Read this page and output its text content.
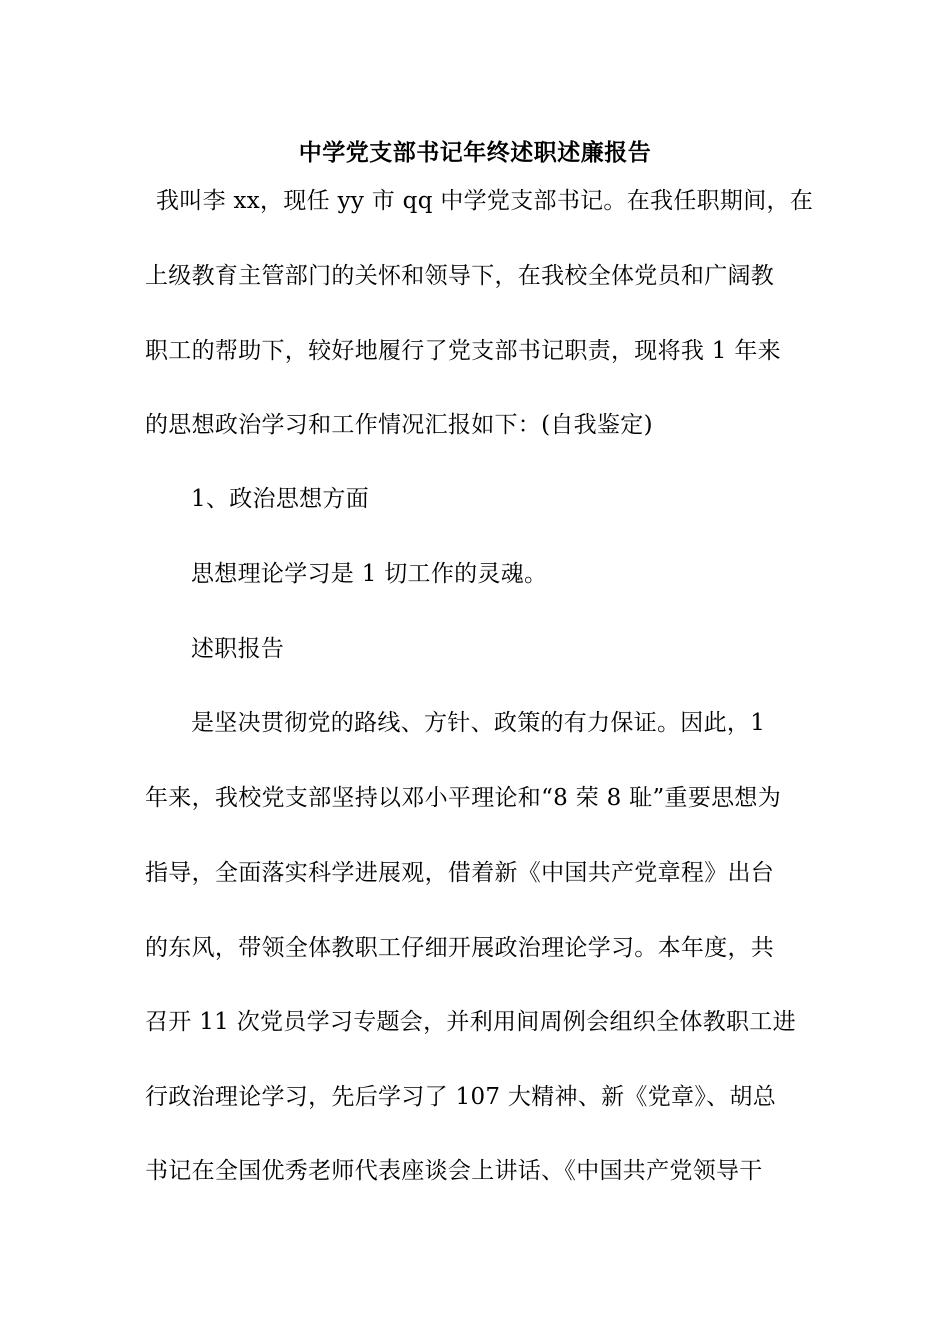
中学党支部书记年终述职述廉报告
我叫李 xx，现任 yy 市 qq 中学党支部书记。在我任职期间，在
上级教育主管部门的关怀和领导下，在我校全体党员和广阔教
职工的帮助下，较好地履行了党支部书记职责，现将我 1 年来
的思想政治学习和工作情况汇报如下：(自我鉴定)
1、政治思想方面
思想理论学习是 1 切工作的灵魂。
述职报告
是坚决贯彻党的路线、方针、政策的有力保证。因此，1
年来，我校党支部坚持以邓小平理论和“8 荣 8 耻”重要思想为
指导，全面落实科学进展观，借着新《中国共产党章程》出台
的东风，带领全体教职工仔细开展政治理论学习。本年度，共
召开 11 次党员学习专题会，并利用间周例会组织全体教职工进
行政治理论学习，先后学习了 107 大精神、新《党章》、胡总
书记在全国优秀老师代表座谈会上讲话、《中国共产党领导干
